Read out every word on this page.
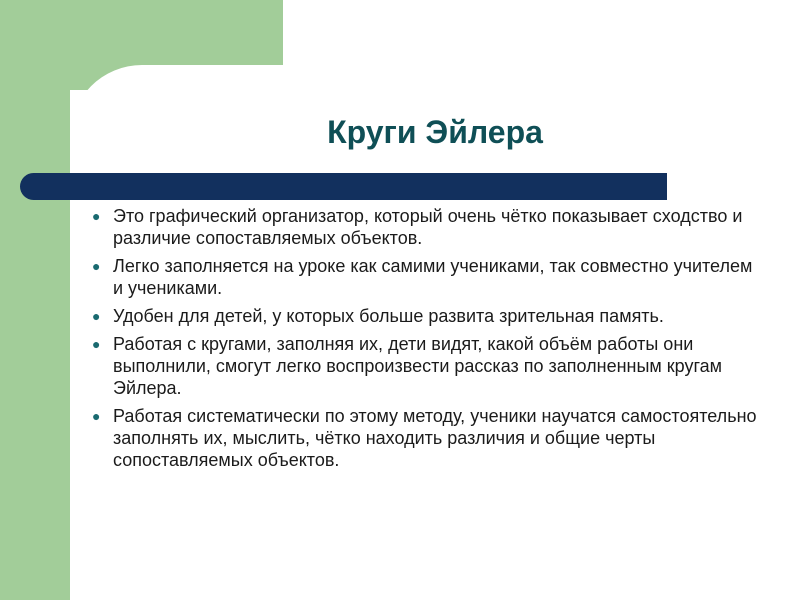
Круги Эйлера
● Это графический организатор, который очень чётко показывает сходство и различие сопоставляемых объектов.
● Легко заполняется на уроке как самими учениками, так совместно учителем и учениками.
● Удобен для детей, у которых больше развита зрительная память.
● Работая с кругами, заполняя их, дети видят, какой объём работы они выполнили, смогут легко воспроизвести рассказ по заполненным кругам Эйлера.
● Работая систематически по этому методу, ученики научатся самостоятельно заполнять их, мыслить, чётко находить различия и общие черты сопоставляемых объектов.
